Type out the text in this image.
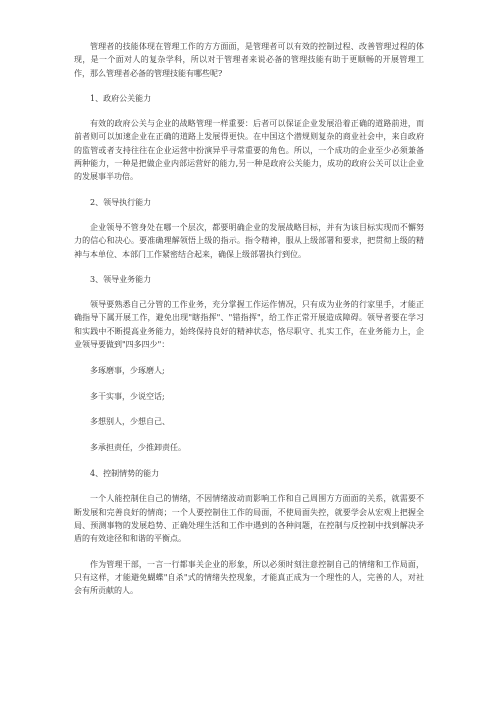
管理者的技能体现在管理工作的方方面面，是管理者可以有效的控制过程、改善管理过程的体现，是一个面对人的复杂学科，所以对于管理者来说必备的管理技能有助于更顺畅的开展管理工作，那么管理者必备的管理技能有哪些呢?

1、政府公关能力

有效的政府公关与企业的战略管理一样重要：后者可以保证企业发展沿着正确的道路前进，而前者则可以加速企业在正确的道路上发展得更快。在中国这个潜规则复杂的商业社会中，来自政府的监管或者支持往往在企业运营中扮演异乎寻常重要的角色。所以，一个成功的企业至少必须兼备两种能力，一种是把做企业内部运营好的能力,另一种是政府公关能力，成功的政府公关可以让企业的发展事半功倍。

2、领导执行能力

企业领导不管身处在哪一个层次，都要明确企业的发展战略目标，并有为该目标实现而不懈努力的信心和决心。要准确理解领悟上级的指示。指令精神，服从上级部署和要求，把贯彻上级的精神与本单位、本部门工作紧密结合起来，确保上级部署执行到位。

3、领导业务能力

领导要熟悉自己分管的工作业务，充分掌握工作运作情况，只有成为业务的行家里手，才能正确指导下属开展工作，避免出现"瞎指挥"、"错指挥"，给工作正常开展造成障碍。领导者要在学习和实践中不断提高业务能力，始终保持良好的精神状态，恪尽职守、扎实工作，在业务能力上，企业领导要做到"四多四少"：

多琢磨事，少琢磨人;

多干实事，少说空话;

多想别人，少想自己、

多承担责任，少推卸责任。

4、控制情势的能力

一个人能控制住自己的情绪，不因情绪波动而影响工作和自己周围方方面面的关系，就需要不断发展和完善良好的情商；一个人要控制住工作的局面，不使局面失控，就要学会从宏观上把握全局、预测事物的发展趋势、正确处理生活和工作中遇到的各种问题，在控制与反控制中找到解决矛盾的有效途径和和谐的平衡点。

作为管理干部，一言一行都事关企业的形象，所以必须时刻注意控制自己的情绪和工作局面，只有这样，才能避免蝴蝶"自杀"式的情绪失控现象，才能真正成为一个理性的人，完善的人，对社会有所贡献的人。
